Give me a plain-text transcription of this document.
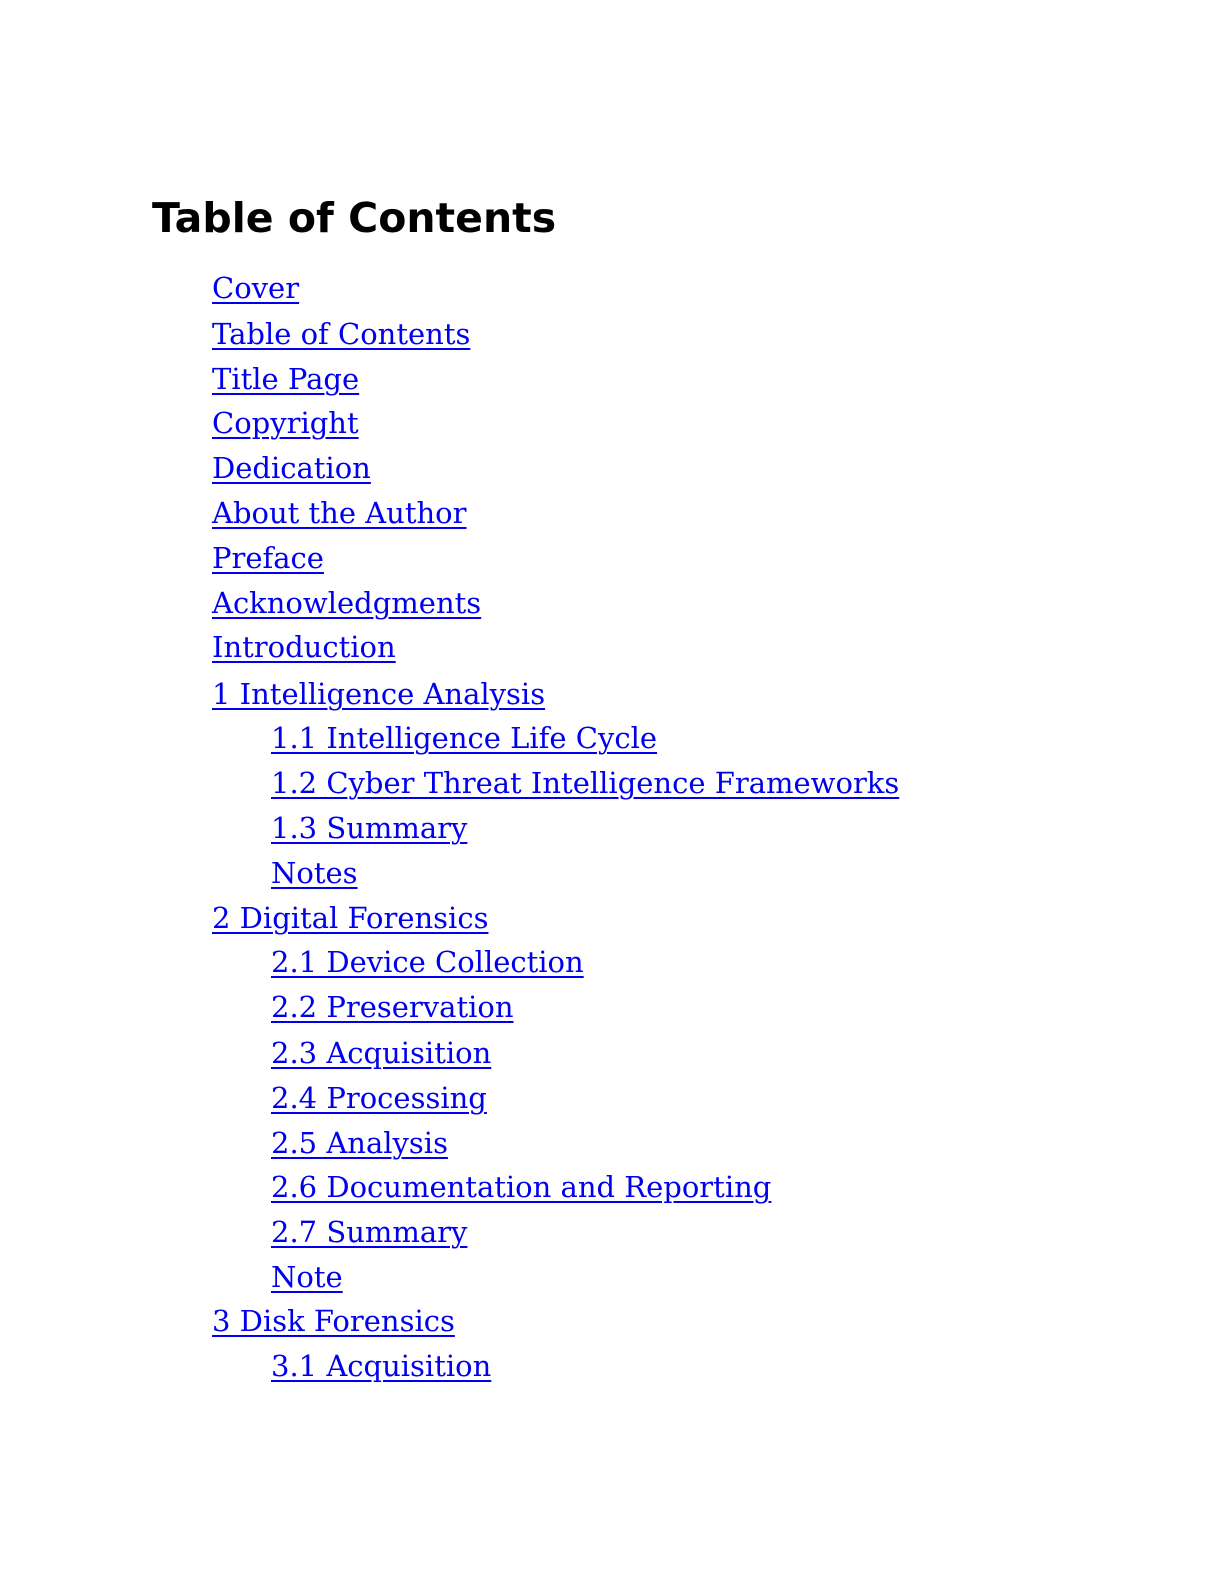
Table of Contents
Cover
Table of Contents
Title Page
Copyright
Dedication
About the Author
Preface
Acknowledgments
Introduction
1 Intelligence Analysis
1.1 Intelligence Life Cycle
1.2 Cyber Threat Intelligence Frameworks
1.3 Summary
Notes
2 Digital Forensics
2.1 Device Collection
2.2 Preservation
2.3 Acquisition
2.4 Processing
2.5 Analysis
2.6 Documentation and Reporting
2.7 Summary
Note
3 Disk Forensics
3.1 Acquisition
